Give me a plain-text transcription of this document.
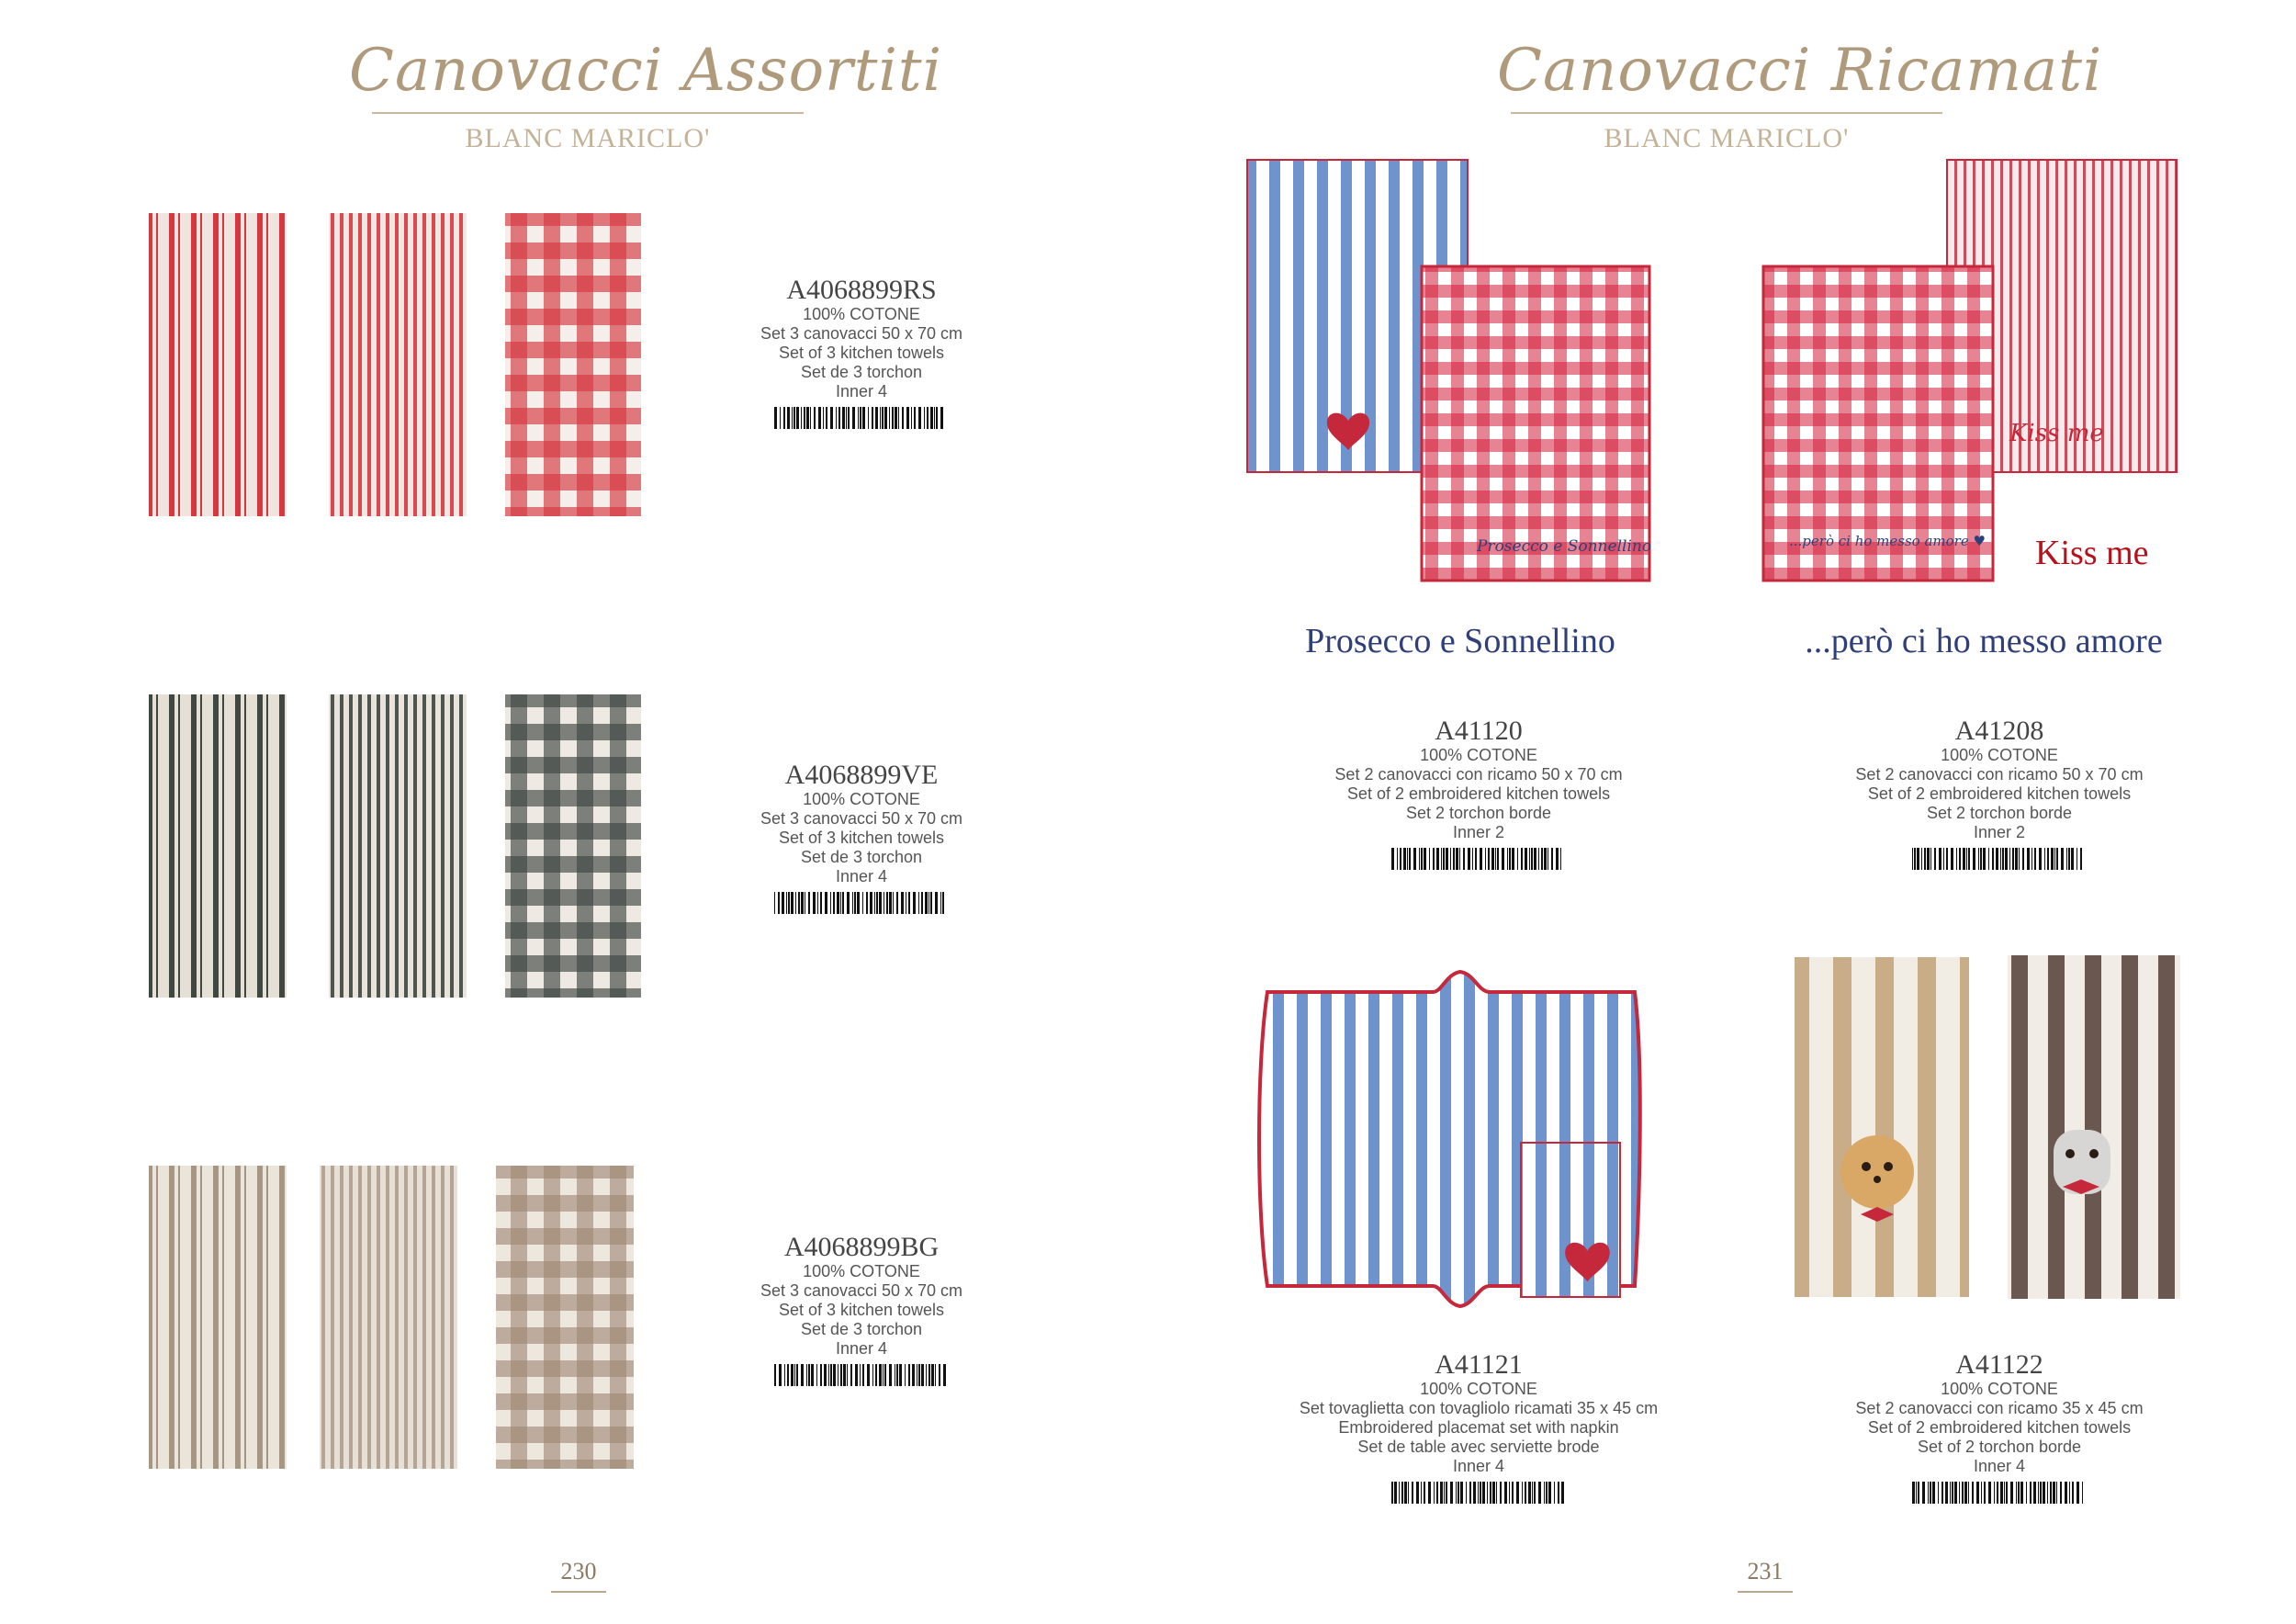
Canovacci Assortiti
BLANC MARICLO'
A4068899RS
100% COTONE
Set 3 canovacci 50 x 70 cm
Set of 3 kitchen towels
Set de 3 torchon
Inner 4
A4068899VE
100% COTONE
Set 3 canovacci 50 x 70 cm
Set of 3 kitchen towels
Set de 3 torchon
Inner 4
A4068899BG
100% COTONE
Set 3 canovacci 50 x 70 cm
Set of 3 kitchen towels
Set de 3 torchon
Inner 4
230
Canovacci Ricamati
BLANC MARICLO'
Prosecco e Sonnellino
Prosecco e Sonnellino
Kiss me
...però ci ho messo amore ♥ Kiss me
...però ci ho messo amore
A41120
100% COTONE
Set 2 canovacci con ricamo 50 x 70 cm
Set of 2 embroidered kitchen towels
Set 2 torchon borde
Inner 2
A41208
100% COTONE
Set 2 canovacci con ricamo 50 x 70 cm
Set of 2 embroidered kitchen towels
Set 2 torchon borde
Inner 2
A41121
100% COTONE
Set tovaglietta con tovagliolo ricamati 35 x 45 cm
Embroidered placemat set with napkin
Set de table avec serviette brode
Inner 4
A41122
100% COTONE
Set 2 canovacci con ricamo 35 x 45 cm
Set of 2 embroidered kitchen towels
Set of 2 torchon borde
Inner 4
231
